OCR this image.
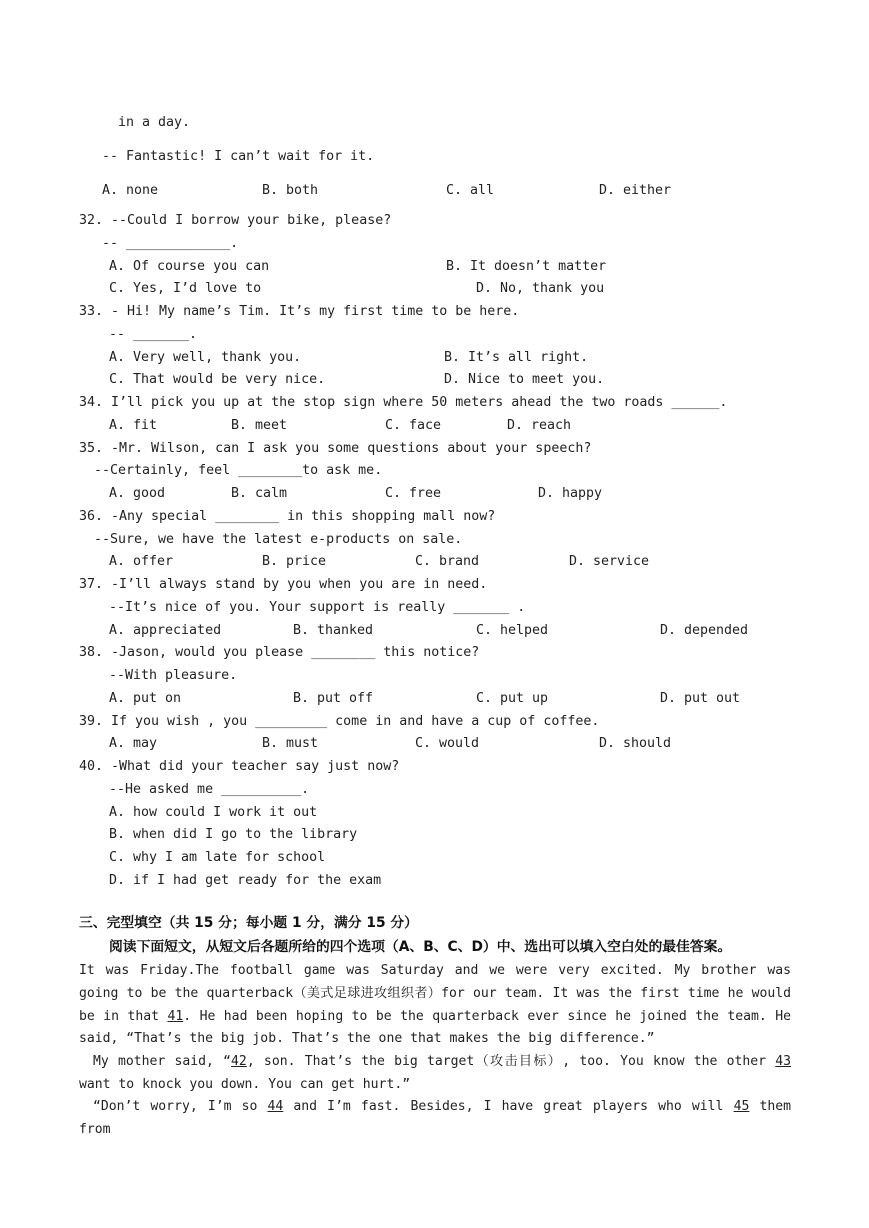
in a day.
-- Fantastic! I can’t wait for it.
A. none	B. both	C. all	D. either
32. --Could I borrow your bike, please?
-- _____________.
A. Of course you can	B. It doesn’t matter
C. Yes, I’d love to	D. No, thank you
33. - Hi! My name’s Tim. It’s my first time to be here.
-- _______.
A. Very well, thank you.	B. It’s all right.
C. That would be very nice.	D. Nice to meet you.
34. I’ll pick you up at the stop sign where 50 meters ahead the two roads ______.
A. fit	B. meet	C. face	D. reach
35. -Mr. Wilson, can I ask you some questions about your speech?
--Certainly, feel ________to ask me.
A. good	B. calm	C. free	D. happy
36. -Any special ________ in this shopping mall now?
--Sure, we have the latest e-products on sale.
A. offer	B. price	C. brand	D. service
37. -I’ll always stand by you when you are in need.
--It’s nice of you. Your support is really _______ .
A. appreciated	B. thanked	C. helped	D. depended
38. -Jason, would you please ________ this notice?
--With pleasure.
A. put on	B. put off	C. put up	D. put out
39. If you wish , you _________ come in and have a cup of coffee.
A. may	B. must	C. would	D. should
40. -What did your teacher say just now?
--He asked me __________.
A. how could I work it out
B. when did I go to the library
C. why I am late for school
D. if I had get ready for the exam
三、完型填空（共 15 分；每小题 1 分，满分 15 分）
阅读下面短文，从短文后各题所给的四个选项（A、B、C、D）中、选出可以填入空白处的最佳答案。
It was Friday.The football game was Saturday and we were very excited. My brother was going to be the quarterback（美式足球进攻组织者）for our team. It was the first time he would be in that 41. He had been hoping to be the quarterback ever since he joined the team. He said, “That’s the big job. That’s the one that makes the big difference.”
My mother said, “42, son. That’s the big target（攻击目标）, too. You know the other 43 want to knock you down. You can get hurt.”
“Don’t worry, I’m so 44 and I’m fast. Besides, I have great players who will 45 them from
